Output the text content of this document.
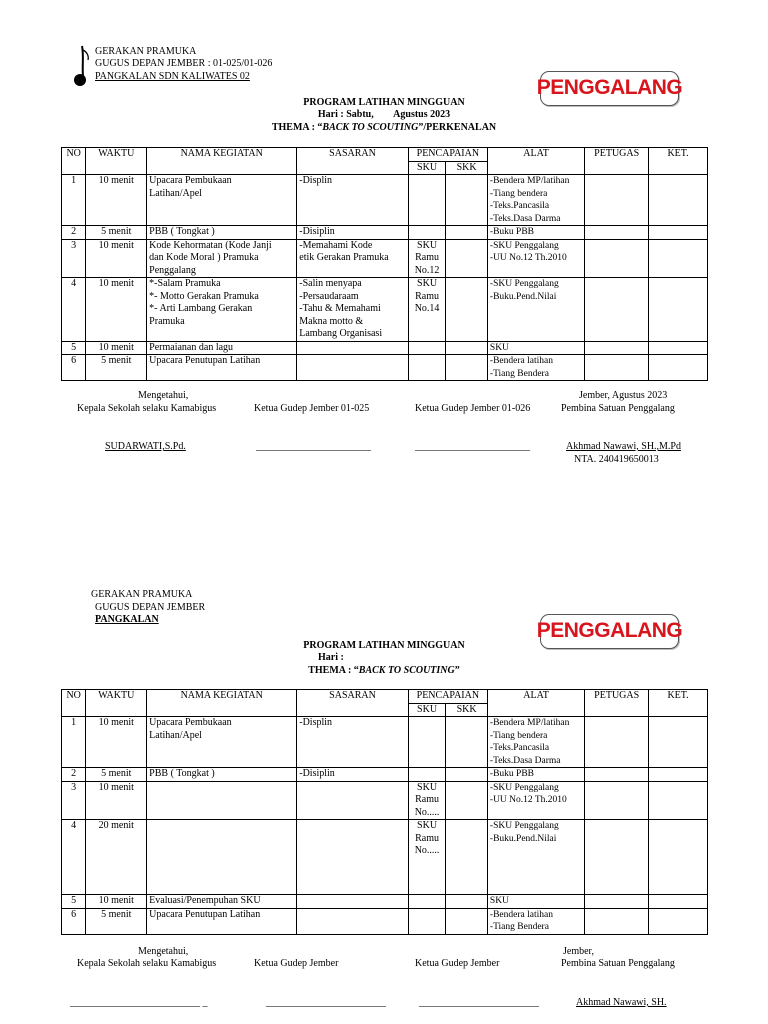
GERAKAN PRAMUKA
GUGUS DEPAN JEMBER : 01-025/01-026
PANGKALAN SDN KALIWATES 02	PENGGALANG
PROGRAM LATIHAN MINGGUAN
Hari : Sabtu,        Agustus 2023
THEMA : “BACK TO SCOUTING”/PERKENALAN
NO	WAKTU	NAMA KEGIATAN	SASARAN	PENCAPAIAN		ALAT	PETUGAS	KET.
				SKU	SKK			
1	10 menit	Upacara Pembukaan
Latihan/Apel	-Displin			-Bendera MP/latihan
-Tiang bendera
-Teks.Pancasila
-Teks.Dasa Darma		
2	5 menit	PBB ( Tongkat )	-Disiplin			-Buku PBB		
3	10 menit	Kode Kehormatan (Kode Janji
dan Kode Moral ) Pramuka
Penggalang	-Memahami Kode
etik Gerakan Pramuka	SKU
Ramu
No.12		-SKU Penggalang
-UU No.12 Th.2010		
4	10 menit	*-Salam Pramuka
*- Motto Gerakan Pramuka
*- Arti Lambang Gerakan
Pramuka	-Salin menyapa
-Persaudaraam
-Tahu & Memahami
Makna motto &
Lambang Organisasi	SKU
Ramu
No.14		-SKU Penggalang
-Buku.Pend.Nilai		
5	10 menit	Permaianan dan lagu				SKU		
6	5 menit	Upacara Penutupan Latihan				-Bendera latihan
-Tiang Bendera		
Mengetahui,
Kepala Sekolah selaku Kamabigus	Ketua Gudep Jember 01-025	Ketua Gudep Jember 01-026
Jember, Agustus 2023
Pembina Satuan Penggalang
SUDARWATI,S.Pd.	_______________________	_______________________	Akhmad Nawawi, SH.,M.Pd
NTA. 240419650013
GERAKAN PRAMUKA
GUGUS DEPAN JEMBER
PANGKALAN	PENGGALANG
PROGRAM LATIHAN MINGGUAN
Hari :
THEMA : “BACK TO SCOUTING”
NO	WAKTU	NAMA KEGIATAN	SASARAN	PENCAPAIAN		ALAT	PETUGAS	KET.
				SKU	SKK			
1	10 menit	Upacara Pembukaan
Latihan/Apel	-Displin			-Bendera MP/latihan
-Tiang bendera
-Teks.Pancasila
-Teks.Dasa Darma		
2	5 menit	PBB ( Tongkat )	-Disiplin			-Buku PBB		
3	10 menit			SKU
Ramu
No.....		-SKU Penggalang
-UU No.12 Th.2010		
4	20 menit			SKU
Ramu
No.....		-SKU Penggalang
-Buku.Pend.Nilai		
5	10 menit	Evaluasi/Penempuhan SKU				SKU		
6	5 menit	Upacara Penutupan Latihan				-Bendera latihan
-Tiang Bendera		
Mengetahui,
Kepala Sekolah selaku Kamabigus	Ketua Gudep Jember	Ketua Gudep Jember
Jember,
Pembina Satuan Penggalang
__________________________ _	________________________	________________________	Akhmad Nawawi, SH.
